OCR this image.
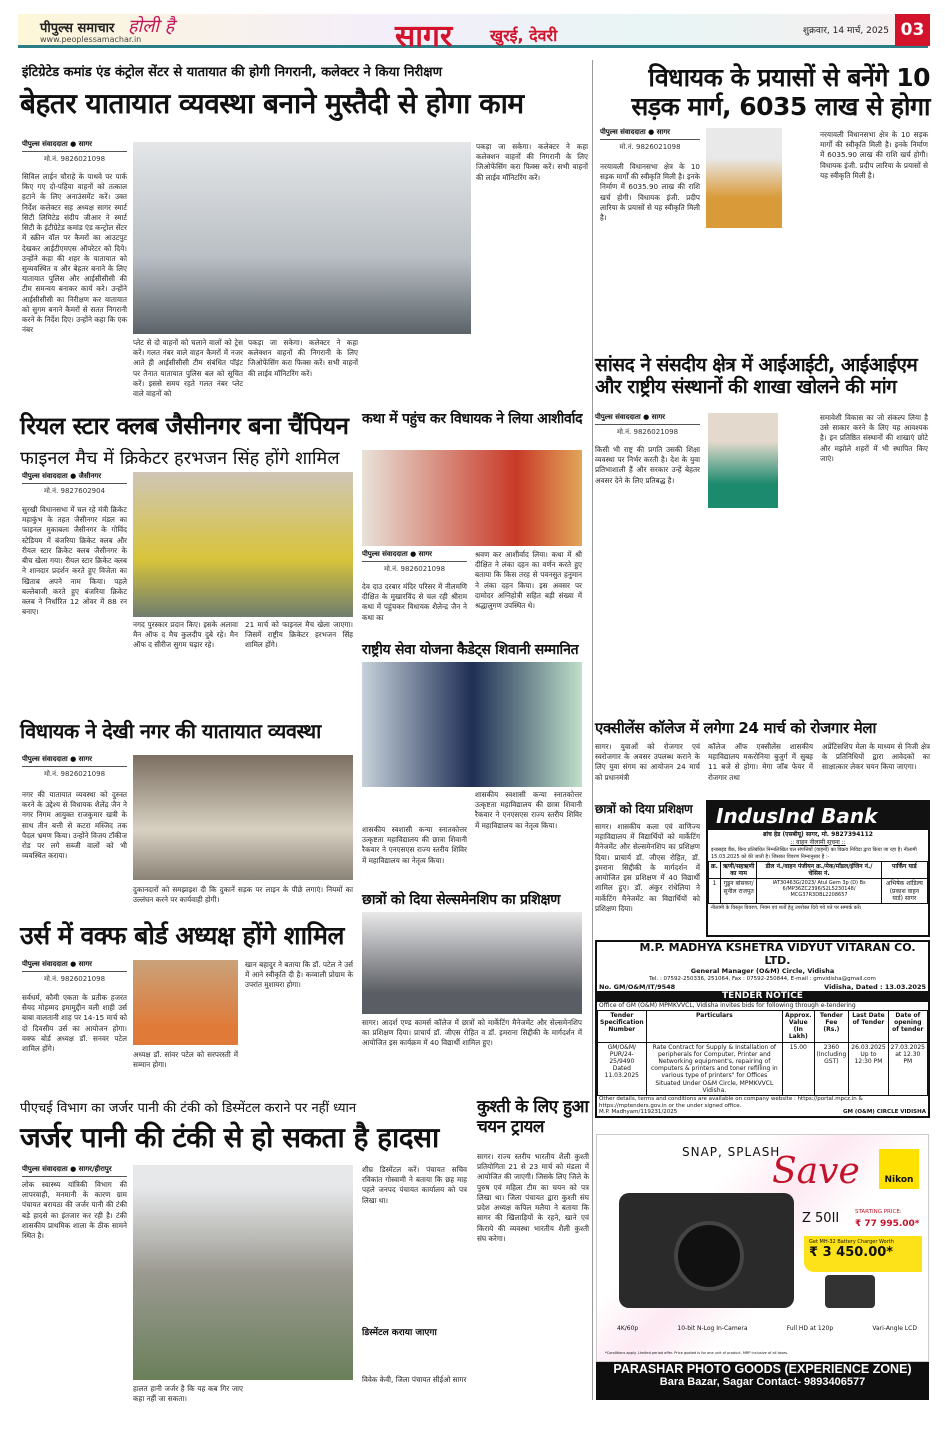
पीपुल्स समाचार
www.peoplessamachar.in
होली है	सागर खुरई, देवरी	शुक्रवार, 14 मार्च, 2025 03
इंटिग्रेटेड कमांड एंड कंट्रोल सेंटर से यातायात की होगी निगरानी, कलेक्टर ने किया निरीक्षण
बेहतर यातायात व्यवस्था बनाने मुस्तैदी से होगा काम
पीपुल्स संवाददाता ● सागर
मो.नं. 9826021098
सिविल लाईन चौराहे के पाथवे पर पार्क किए गए दो-पहिया वाहनों को तत्काल हटाने के लिए अनाउंसमेंट करें। उक्त निर्देश कलेक्टर सह अध्यक्ष सागर स्मार्ट सिटी लिमिटेड संदीप जीआर ने स्मार्ट सिटी के इंटीग्रेटेड कमांड एंड कन्ट्रोल सेंटर में स्क्रीन वॉल पर कैमरों का आउटपुट देखकर आईटीएमएस ऑपरेटर को दिये। उन्होंने कहा की शहर के यातायात को सुव्यवस्थित व और बेहतर बनाने के लिए यातायात पुलिस और आईसीसीसी की टीम समन्वय बनाकर कार्य करे। उन्होंने आईसीसीसी का निरीक्षण कर यातायात को सुगम बनाने कैमरों से सतत निगरानी करने के निर्देश दिए। उन्होंने कहा कि एक नंबर
प्लेट से दो वाहनों को चलाने वालों को ट्रेस करें। गलत नंबर वाले वाहन कैमरों में नजर आते ही आईसीसीसी टीम संबंधित पॉइंट पर तैनात यातायात पुलिस बल को सूचित करें। इससे समय रहते गलत नंबर प्लेट वाले वाहनों को
पकड़ा जा सकेगा। कलेक्टर ने कहा कलेक्शन वाहनों की निगरानी के लिए जिओफेंसिंग करा फिक्स करें। सभी वाहनों की लाईव मॉनिटरिंग करें।
पकड़ा जा सकेगा। कलेक्टर ने कहा कलेक्शन वाहनों की निगरानी के लिए जिओफेंसिंग करा फिक्स करें। सभी वाहनों की लाईव मॉनिटरिंग करें।
विधायक के प्रयासों से बनेंगे 10 सड़क मार्ग, 6035 लाख से होगा
पीपुल्स संवाददाता ● सागर
मो.नं. 9826021098
नरयावली विधानसभा क्षेत्र के 10 सड़क मार्गों की स्वीकृति मिली है। इनके निर्माण में 6035.90 लाख की राशि खर्च होगी। विधायक इंजी. प्रदीप लारिया के प्रयासों से यह स्वीकृति मिली है।
नरयावली विधानसभा क्षेत्र के 10 सड़क मार्गों की स्वीकृति मिली है। इनके निर्माण में 6035.90 लाख की राशि खर्च होगी। विधायक इंजी. प्रदीप लारिया के प्रयासों से यह स्वीकृति मिली है।
सांसद ने संसदीय क्षेत्र में आईआईटी, आईआईएम और राष्ट्रीय संस्थानों की शाखा खोलने की मांग
पीपुल्स संवाददाता ● सागर
मो.नं. 9826021098
किसी भी राष्ट्र की प्रगति उसकी शिक्षा व्यवस्था पर निर्भर करती है। देश के युवा प्रतिभाशाली हैं और सरकार उन्हें बेहतर अवसर देने के लिए प्रतिबद्ध है।
समावेशी विकास का जो संकल्प लिया है उसे साकार करने के लिए यह आवश्यक है। इन प्रतिष्ठित संस्थानों की शाखाएं छोटे और मझोले शहरों में भी स्थापित किए जाएं।
रियल स्टार क्लब जैसीनगर बना चैंपियन
फाइनल मैच में क्रिकेटर हरभजन सिंह होंगे शामिल
पीपुल्स संवाददाता ● जैसीनगर
मो.नं. 9827602904
सुरखी विधानसभा में चल रहे मंत्री क्रिकेट महाकुंभ के तहत जैसीनगर मंडल का फाइनल मुकाबला जैसीनगर के गोविंद स्टेडियम में बंजरिया क्रिकेट क्लब और रीयल स्टार क्रिकेट क्लब जैसीनगर के बीच खेला गया। रीयल स्टार क्रिकेट क्लब ने शानदार प्रदर्शन करते हुए विजेता का खिताब अपने नाम किया। पहले बल्लेबाजी करते हुए बंजरिया क्रिकेट क्लब ने निर्धारित 12 ओवर में 88 रन बनाए।
नगद पुरस्कार प्रदान किए। इसके अलावा मैन ऑफ द मैच कुलदीप दुबे रहे। मैन ऑफ द सीरीज सुगम चढ़ार रहे।
21 मार्च को फाइनल मैच खेला जाएगा। जिसमें राष्ट्रीय क्रिकेटर हरभजन सिंह शामिल होंगे।
कथा में पहुंच कर विधायक ने लिया आशीर्वाद
पीपुल्स संवाददाता ● सागर
मो.नं. 9826021098
देव दाउ दरबार मंदिर परिसर में नीलमणि दीक्षित के मुखारविंद से चल रही श्रीराम कथा में पहुंचकर विधायक शैलेन्द्र जैन ने कथा का
श्रवण कर आशीर्वाद लिया। कथा में श्री दीक्षित ने लंका दहन का वर्णन करते हुए बताया कि किस तरह से पवनसुत हनुमान ने लंका दहन किया। इस अवसर पर दामोदर अग्निहोत्री सहित बड़ी संख्या में श्रद्धालुगण उपस्थित थे।
राष्ट्रीय सेवा योजना कैडेट्स शिवानी सम्मानित
शासकीय स्वशासी कन्या स्नातकोत्तर उत्कृष्टता महाविद्यालय की छात्रा शिवानी रैकवार ने एनएसएस राज्य स्तरीय शिविर में महाविद्यालय का नेतृत्व किया।
शासकीय स्वशासी कन्या स्नातकोत्तर उत्कृष्टता महाविद्यालय की छात्रा शिवानी रैकवार ने एनएसएस राज्य स्तरीय शिविर में महाविद्यालय का नेतृत्व किया।
विधायक ने देखी नगर की यातायात व्यवस्था
पीपुल्स संवाददाता ● सागर
मो.नं. 9826021098
नगर की यातायात व्यवस्था को दुरुस्त करने के उद्देश्य से विधायक शैलेंद्र जैन ने नगर निगम आयुक्त राजकुमार खत्री के साथ तीन बत्ती से कटरा मस्जिद तक पैदल भ्रमण किया। उन्होंने विजय टॉकीज रोड पर लगे सब्जी वालों को भी व्यवस्थित कराया।
दुकानदारों को समझाइश दी कि दुकानें सड़क पर लाइन के पीछे लगाएं। नियमों का उल्लंघन करने पर कार्यवाही होगी।	छात्रों को दिया सेल्समेनशिप का प्रशिक्षण
सागर। आदर्श एण्ड कामर्स कॉलेज में छात्रों को मार्केटिंग मैनेजमेंट और सेल्समेनशिप का प्रशिक्षण दिया। प्राचार्य डॉ. जीएस रोहित व डॉ. इमराना सिद्दीकी के मार्गदर्शन में आयोजित इस कार्यक्रम में 40 विद्यार्थी शामिल हुए।
उर्स में वक्फ बोर्ड अध्यक्ष होंगे शामिल
पीपुल्स संवाददाता ● सागर
मो.नं. 9826021098
सर्वधर्म, कौमी एकता के प्रतीक हजरत सैयद मोहम्मद इमामुद्दीन वली शाही उर्स बाबा वालतानी शाह पर 14-15 मार्च को दो दिवसीय उर्स का आयोजन होगा। वक्फ बोर्ड अध्यक्ष डॉ. सनवर पटेल शामिल होंगे।
अध्यक्ष डॉ. सांवर पटेल को सरपरस्ती में सम्मान होगा।
खान बहादुर ने बताया कि डॉ. पटेल ने उर्स में आने स्वीकृति दी है। कव्वाली प्रोग्राम के उपरांत मुशायरा होगा।
एक्सीलेंस कॉलेज में लगेगा 24 मार्च को रोजगार मेला
सागर। युवाओं को रोजगार एवं स्वरोजगार के अवसर उपलब्ध कराने के लिए युवा संगम का आयोजन 24 मार्च को प्रधानमंत्री
कॉलेज ऑफ एक्सीलेंस शासकीय महाविद्यालय मकरोनिया बुजुर्ग में सुबह 11 बजे से होगा। मेगा जॉब फेयर में रोजगार तथा
अप्रेंटिसशिप मेला के माध्यम से निजी क्षेत्र के प्रतिनिधियों द्वारा आवेदकों का साक्षात्कार लेकर चयन किया जाएगा।
छात्रों को दिया प्रशिक्षण
सागर। शासकीय कला एवं वाणिज्य महाविद्यालय में विद्यार्थियों को मार्केटिंग मैनेजमेंट और सेल्समेनशिप का प्रशिक्षण दिया। प्राचार्य डॉ. जीएस रोहित, डॉ. इमराना सिद्दीकी के मार्गदर्शन में आयोजित इस प्रशिक्षण में 40 विद्यार्थी शामिल हुए। डॉ. अंकुर रांधेलिया ने मार्केटिंग मैनेजमेंट का विद्यार्थियों को प्रशिक्षण दिया।
IndusInd Bank
ब्रांच हेड (एसबीयू) सागर, मो. 9827394112
:: वाहन नीलामी सूचना ::
इन्डसइंड बैंक, बिना प्रतिबंधित निम्नलिखित चल संपत्तियों (वाहनों) का विक्रय निविदा द्वारा किया जा रहा है। नीलामी 15.03.2025 को की जाती है। जिसका विवरण निम्नानुसार है :-
क्र.	ऋणी/सहऋणी का नाम	डील नं./वाहन पंजीयन क्र./मेक/मॉडल/इंजिन नं./चेसिस नं.	पार्किंग यार्ड
1	गुड्डन बांसकर/ सुनील राजपूत	IAT30463G/2023/ Atul Gem 3p (D) Bs 6/MP36ZC2396/S2L5230148/ MCG37R3DBL2208657	अभिषेक शांडिल्य (प्रकाश वाहन यार्ड) सागर
नीलामी के विस्तृत विवरण, नियम एवं शर्तों हेतु उपरोक्त दिये गये पते पर सम्पर्क करें।
M.P. MADHYA KSHETRA VIDYUT VITARAN CO. LTD.
General Manager (O&M) Circle, Vidisha
Tel. : 07592-250336, 251064, Fax : 07592-250844, E-mail : gmvidisha@gmail.com
No. GM/O&M/IT/9548	Vidisha, Dated : 13.03.2025
TENDER NOTICE
Office of GM (O&M) MPMKVVCL, Vidisha invites bids for following through e-tendering
Tender Specification Number	Particulars	Approx. Value (In Lakh)	Tender Fee (Rs.)	Last Date of Tender	Date of opening of tender
GM/O&M/ PUR/24-25/9490 Dated 11.03.2025	Rate Contract for Supply & Installation of peripherals for Computer, Printer and Networking equipment's, repairing of computers & printers and toner refilling in various type of printers" for Offices Situated Under O&M Circle, MPMKVVCL Vidisha.	15.00	2360 (Including GST)	26.03.2025 Up to 12:30 PM	27.03.2025 at 12.30 PM
Other details, terms and conditions are available on company website : https://portal.mpcz.in & https://mptenders.gov.in or the under signed office.
M.P. Madhyam/119231/2025	GM (O&M) CIRCLE VIDISHA
पीएचई विभाग का जर्जर पानी की टंकी को डिस्मेंटल कराने पर नहीं ध्यान
जर्जर पानी की टंकी से हो सकता है हादसा
पीपुल्स संवाददाता ● सागर/हीरापुर
लोक स्वास्थ्य यांत्रिकी विभाग की लापरवाही, मनमानी के कारण ग्राम पंचायत बरायठा की जर्जर पानी की टंकी बड़े हादसे का इंतजार कर रही है। टंकी शासकीय प्राथमिक शाला के ठीक सामने स्थित है।
हालत हानी जर्जर है कि यह कब गिर जाए कहा नहीं जा सकता।
शीघ्र डिस्मेंटल करें। पंचायत सचिव रविकांत गोस्वामी ने बताया कि छह माह पहले जनपद पंचायत कार्यालय को पत्र लिखा था।
डिस्मेंटल कराया जाएगा
विवेक केवी, जिला पंचायत सीईओ सागर
कुश्ती के लिए हुआ चयन ट्रायल
सागर। राज्य स्तरीय भारतीय शैली कुश्ती प्रतियोगिता 21 से 23 मार्च को मंडला में आयोजित की जाएगी। जिसके लिए जिले के पुरुष एवं महिला टीम का चयन को पत्र लिखा था। जिला पंचायत द्वारा कुश्ती संघ प्रदेश अध्यक्ष कपिल मलैया ने बताया कि सागर की खिलाड़ियों के रहने, खाने एवं किराये की व्यवस्था भारतीय शैली कुश्ती संघ करेगा।
SNAP, SPLASH
Save	Nikon
Z 50II	STARTING PRICE:
₹ 77 995.00*
Get MH-32 Battery Charger Worth
₹ 3 450.00*
4K/60p	10-bit N-Log In-Camera	Full HD at 120p	Vari-Angle LCD
*Conditions apply. Limited period offer. Price quoted is for one unit of product. MRP inclusive of all taxes.
PARASHAR PHOTO GOODS (EXPERIENCE ZONE)
Bara Bazar, Sagar Contact- 9893406577
